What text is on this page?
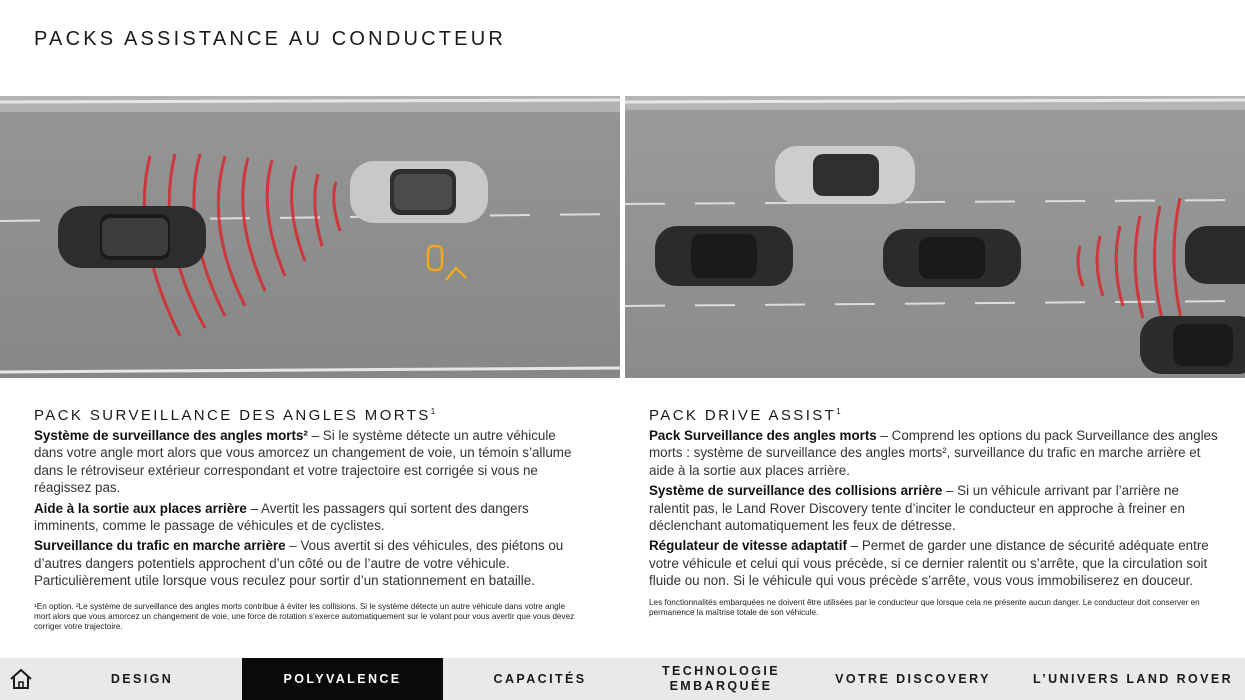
PACKS ASSISTANCE AU CONDUCTEUR
PACK SURVEILLANCE DES ANGLES MORTS$^1$

Système de surveillance des angles morts² – Si le système détecte un autre véhicule dans votre angle mort alors que vous amorcez un changement de voie, un témoin s’allume dans le rétroviseur extérieur correspondant et votre trajectoire est corrigée si vous ne réagissez pas.

Aide à la sortie aux places arrière – Avertit les passagers qui sortent des dangers imminents, comme le passage de véhicules et de cyclistes.

Surveillance du trafic en marche arrière – Vous avertit si des véhicules, des piétons ou d’autres dangers potentiels approchent d’un côté ou de l’autre de votre véhicule. Particulièrement utile lorsque vous reculez pour sortir d’un stationnement en bataille.

¹En option. ²Le système de surveillance des angles morts contribue à éviter les collisions. Si le système détecte un autre véhicule dans votre angle mort alors que vous amorcez un changement de voie, une force de rotation s’exerce automatiquement sur le volant pour vous avertir que vous devez corriger votre trajectoire.

PACK DRIVE ASSIST$^1$

Pack Surveillance des angles morts – Comprend les options du pack Surveillance des angles morts : système de surveillance des angles morts², surveillance du trafic en marche arrière et aide à la sortie aux places arrière.

Système de surveillance des collisions arrière – Si un véhicule arrivant par l’arrière ne ralentit pas, le Land Rover Discovery tente d’inciter le conducteur en approche à freiner en déclenchant automatiquement les feux de détresse.

Régulateur de vitesse adaptatif – Permet de garder une distance de sécurité adéquate entre votre véhicule et celui qui vous précède, si ce dernier ralentit ou s’arrête, que la circulation soit fluide ou non. Si le véhicule qui vous précède s’arrête, vous vous immobiliserez en douceur.

Les fonctionnalités embarquées ne doivent être utilisées par le conducteur que lorsque cela ne présente aucun danger. Le conducteur doit conserver en permanence la maîtrise totale de son véhicule.

DESIGN	POLYVALENCE	CAPACITÉS
TECHNOLOGIE
EMBARQUÉE
VOTRE DISCOVERY	L’UNIVERS LAND ROVER
